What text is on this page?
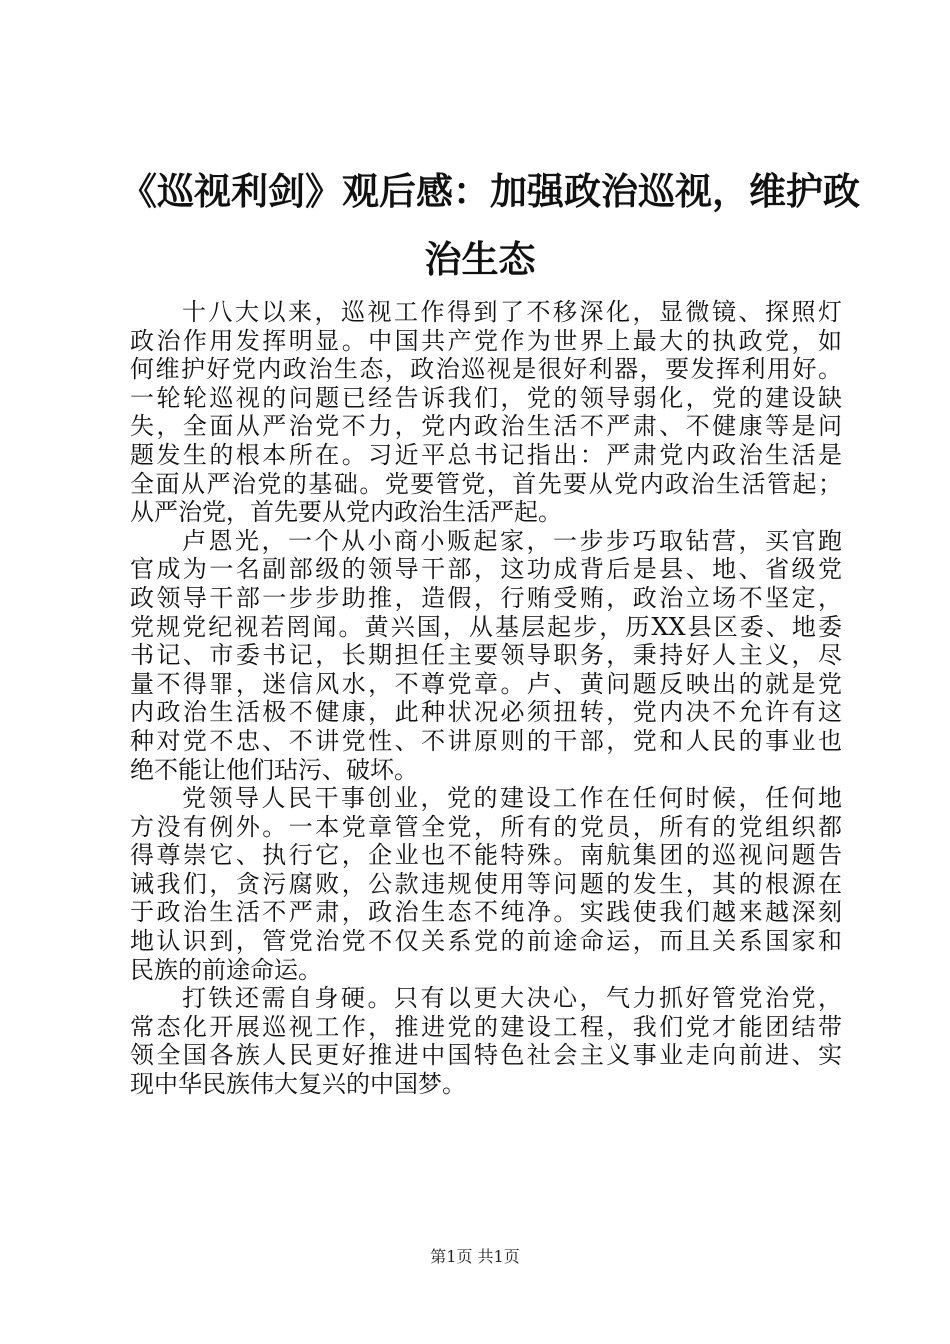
《巡视利剑》观后感：加强政治巡视，维护政
治生态

十八大以来，巡视工作得到了不移深化，显微镜、探照灯
政治作用发挥明显。中国共产党作为世界上最大的执政党，如
何维护好党内政治生态，政治巡视是很好利器，要发挥利用好。
一轮轮巡视的问题已经告诉我们，党的领导弱化，党的建设缺
失，全面从严治党不力，党内政治生活不严肃、不健康等是问
题发生的根本所在。习近平总书记指出：严肃党内政治生活是
全面从严治党的基础。党要管党，首先要从党内政治生活管起；
从严治党，首先要从党内政治生活严起。

卢恩光，一个从小商小贩起家，一步步巧取钻营，买官跑
官成为一名副部级的领导干部，这功成背后是县、地、省级党
政领导干部一步步助推，造假，行贿受贿，政治立场不坚定，
党规党纪视若罔闻。黄兴国，从基层起步，历XX县区委、地委
书记、市委书记，长期担任主要领导职务，秉持好人主义，尽
量不得罪，迷信风水，不尊党章。卢、黄问题反映出的就是党
内政治生活极不健康，此种状况必须扭转，党内决不允许有这
种对党不忠、不讲党性、不讲原则的干部，党和人民的事业也
绝不能让他们玷污、破坏。

党领导人民干事创业，党的建设工作在任何时候，任何地
方没有例外。一本党章管全党，所有的党员，所有的党组织都
得尊崇它、执行它，企业也不能特殊。南航集团的巡视问题告
诫我们，贪污腐败，公款违规使用等问题的发生，其的根源在
于政治生活不严肃，政治生态不纯净。实践使我们越来越深刻
地认识到，管党治党不仅关系党的前途命运，而且关系国家和
民族的前途命运。

打铁还需自身硬。只有以更大决心，气力抓好管党治党，
常态化开展巡视工作，推进党的建设工程，我们党才能团结带
领全国各族人民更好推进中国特色社会主义事业走向前进、实
现中华民族伟大复兴的中国梦。

第1页 共1页
